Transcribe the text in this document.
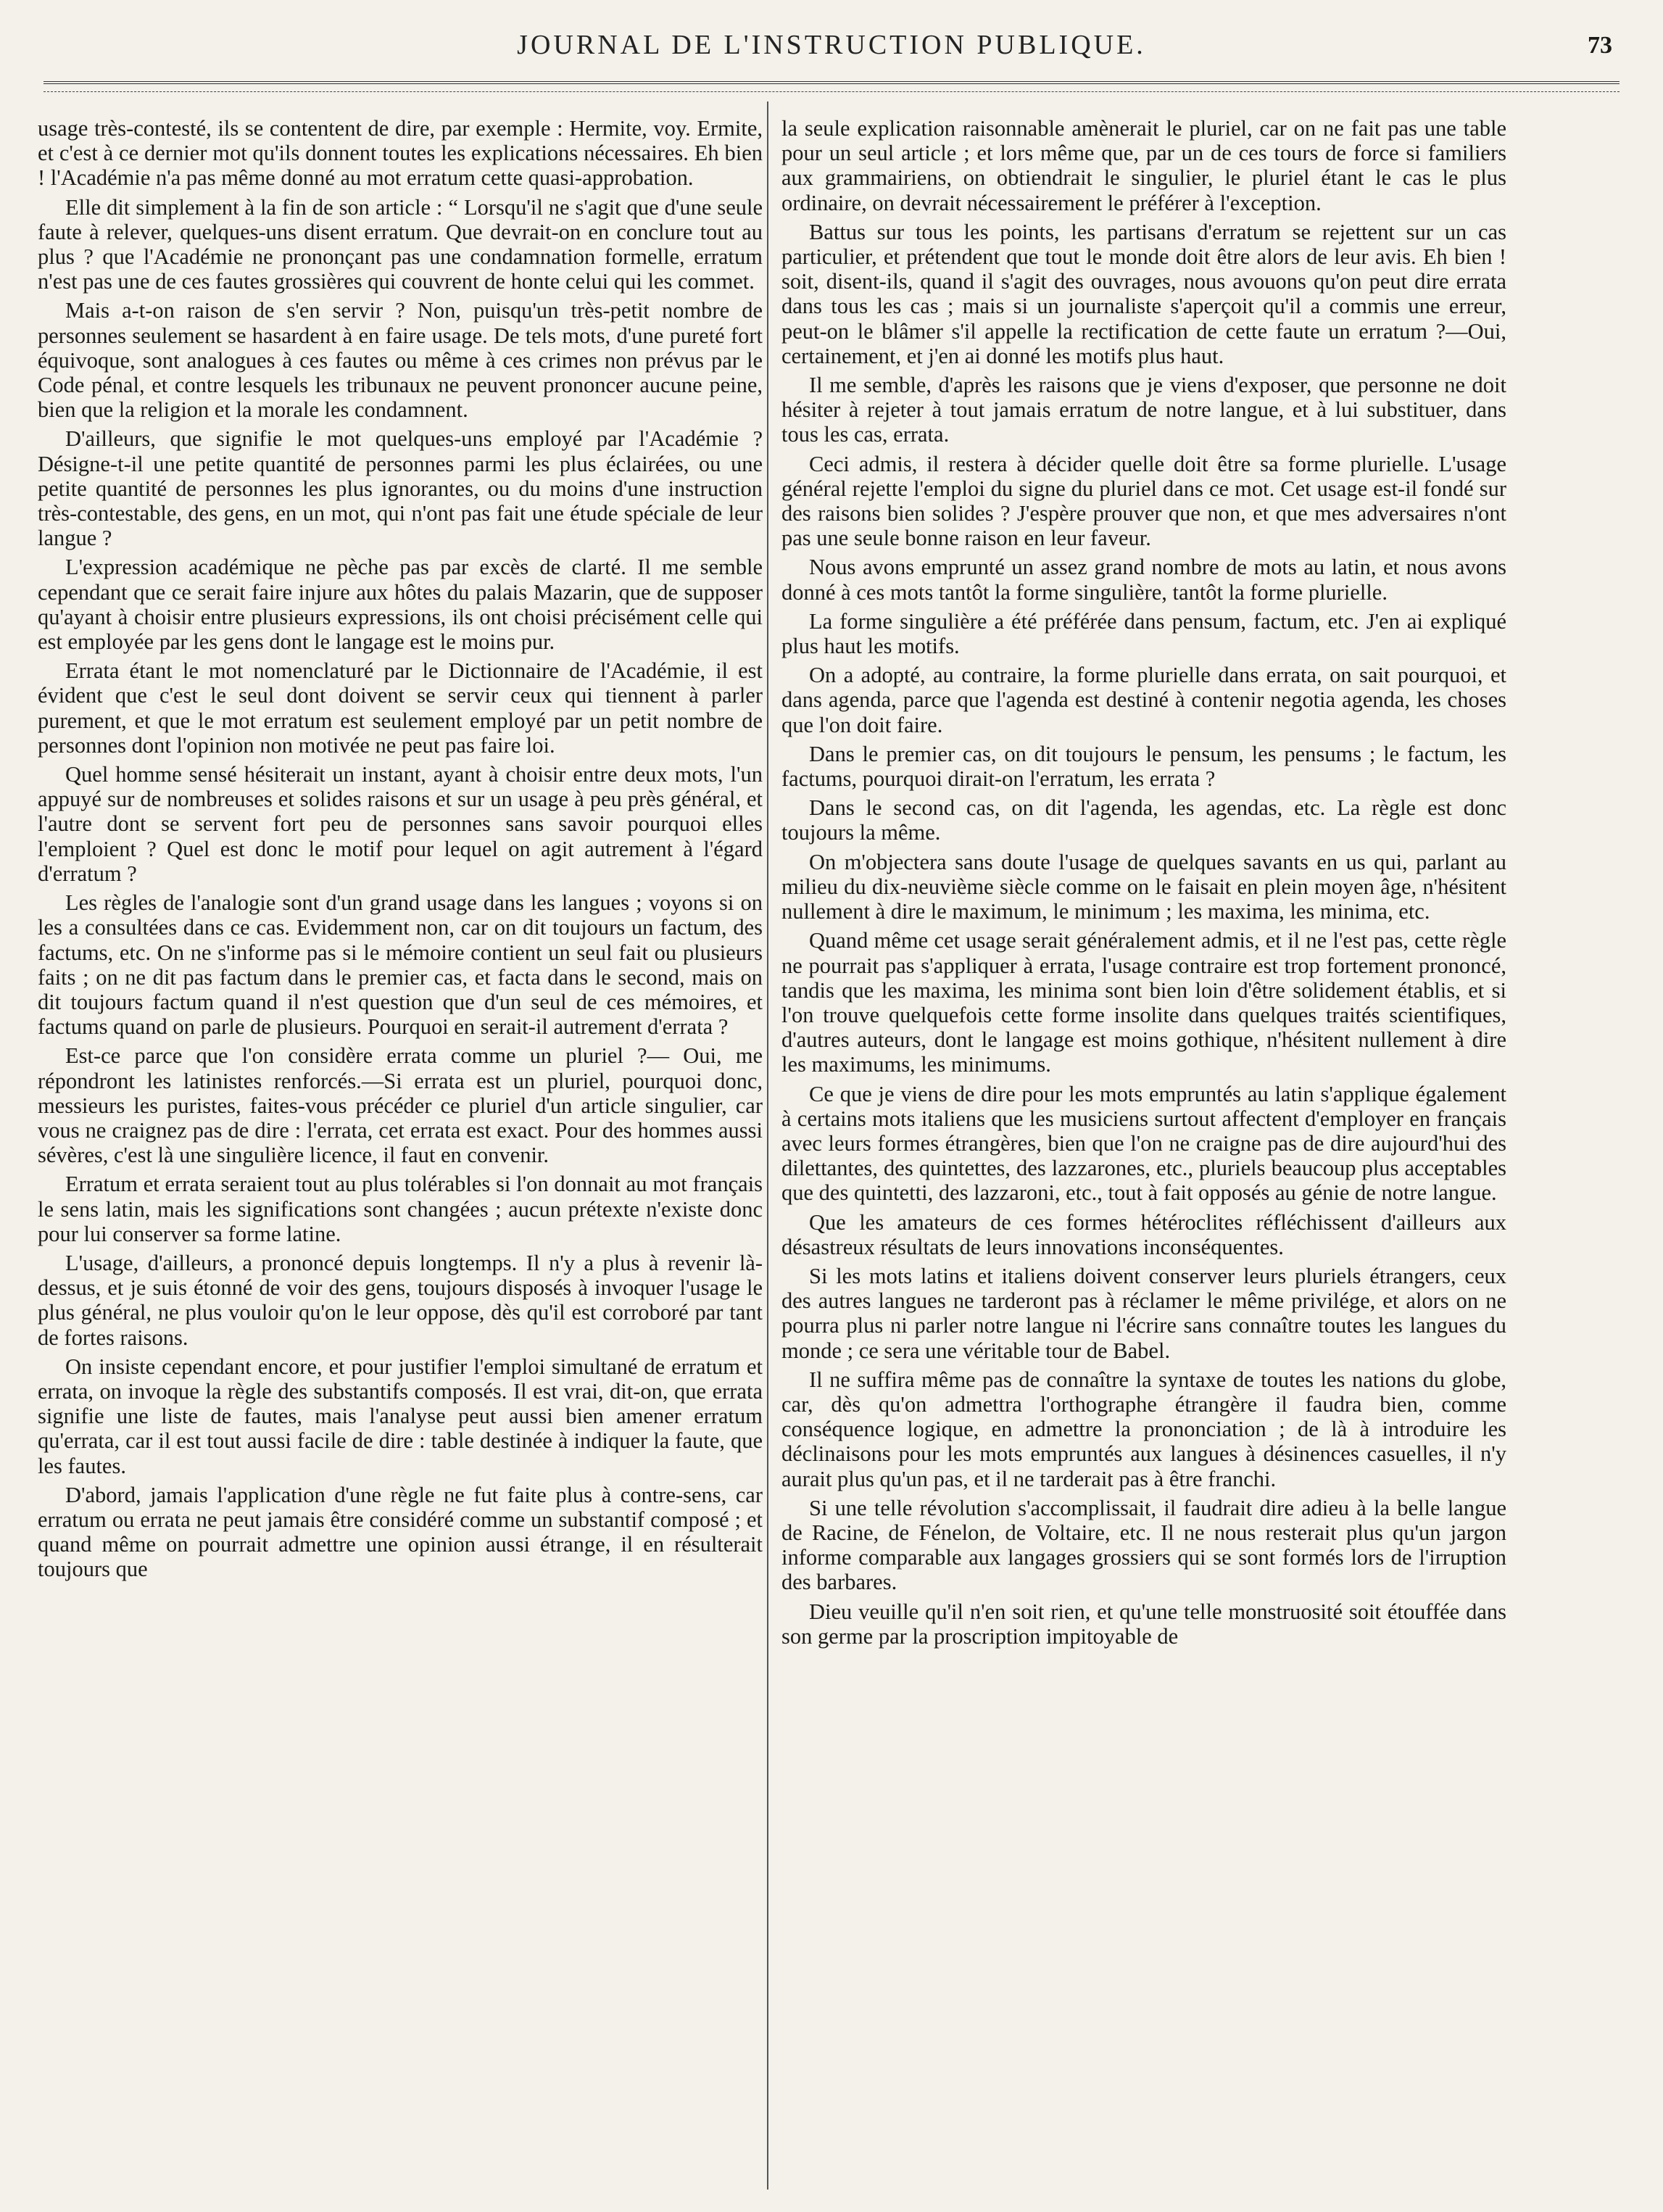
JOURNAL DE L'INSTRUCTION PUBLIQUE.	73

usage très-contesté, ils se contentent de dire, par exemple : Hermite, voy. Ermite, et c'est à ce dernier mot qu'ils donnent toutes les explications nécessaires. Eh bien ! l'Académie n'a pas même donné au mot erratum cette quasi-approbation.

Elle dit simplement à la fin de son article : “ Lorsqu'il ne s'agit que d'une seule faute à relever, quelques-uns disent erratum. Que devrait-on en conclure tout au plus ? que l'Académie ne prononçant pas une condamnation formelle, erratum n'est pas une de ces fautes grossières qui couvrent de honte celui qui les commet.

Mais a-t-on raison de s'en servir ? Non, puisqu'un très-petit nombre de personnes seulement se hasardent à en faire usage. De tels mots, d'une pureté fort équivoque, sont analogues à ces fautes ou même à ces crimes non prévus par le Code pénal, et contre lesquels les tribunaux ne peuvent prononcer aucune peine, bien que la religion et la morale les condamnent.

D'ailleurs, que signifie le mot quelques-uns employé par l'Académie ? Désigne-t-il une petite quantité de personnes parmi les plus éclairées, ou une petite quantité de personnes les plus ignorantes, ou du moins d'une instruction très-contestable, des gens, en un mot, qui n'ont pas fait une étude spéciale de leur langue ?

L'expression académique ne pèche pas par excès de clarté. Il me semble cependant que ce serait faire injure aux hôtes du palais Mazarin, que de supposer qu'ayant à choisir entre plusieurs expressions, ils ont choisi précisément celle qui est employée par les gens dont le langage est le moins pur.

Errata étant le mot nomenclaturé par le Dictionnaire de l'Académie, il est évident que c'est le seul dont doivent se servir ceux qui tiennent à parler purement, et que le mot erratum est seulement employé par un petit nombre de personnes dont l'opinion non motivée ne peut pas faire loi.

Quel homme sensé hésiterait un instant, ayant à choisir entre deux mots, l'un appuyé sur de nombreuses et solides raisons et sur un usage à peu près général, et l'autre dont se servent fort peu de personnes sans savoir pourquoi elles l'emploient ? Quel est donc le motif pour lequel on agit autrement à l'égard d'erratum ?

Les règles de l'analogie sont d'un grand usage dans les langues ; voyons si on les a consultées dans ce cas. Evidemment non, car on dit toujours un factum, des factums, etc. On ne s'informe pas si le mémoire contient un seul fait ou plusieurs faits ; on ne dit pas factum dans le premier cas, et facta dans le second, mais on dit toujours factum quand il n'est question que d'un seul de ces mémoires, et factums quand on parle de plusieurs. Pourquoi en serait-il autrement d'errata ?

Est-ce parce que l'on considère errata comme un pluriel ?— Oui, me répondront les latinistes renforcés.—Si errata est un pluriel, pourquoi donc, messieurs les puristes, faites-vous précéder ce pluriel d'un article singulier, car vous ne craignez pas de dire : l'errata, cet errata est exact. Pour des hommes aussi sévères, c'est là une singulière licence, il faut en convenir.

Erratum et errata seraient tout au plus tolérables si l'on donnait au mot français le sens latin, mais les significations sont changées ; aucun prétexte n'existe donc pour lui conserver sa forme latine.

L'usage, d'ailleurs, a prononcé depuis longtemps. Il n'y a plus à revenir là-dessus, et je suis étonné de voir des gens, toujours disposés à invoquer l'usage le plus général, ne plus vouloir qu'on le leur oppose, dès qu'il est corroboré par tant de fortes raisons.

On insiste cependant encore, et pour justifier l'emploi simultané de erratum et errata, on invoque la règle des substantifs composés. Il est vrai, dit-on, que errata signifie une liste de fautes, mais l'analyse peut aussi bien amener erratum qu'errata, car il est tout aussi facile de dire : table destinée à indiquer la faute, que les fautes.

D'abord, jamais l'application d'une règle ne fut faite plus à contre-sens, car erratum ou errata ne peut jamais être considéré comme un substantif composé ; et quand même on pourrait admettre une opinion aussi étrange, il en résulterait toujours que

la seule explication raisonnable amènerait le pluriel, car on ne fait pas une table pour un seul article ; et lors même que, par un de ces tours de force si familiers aux grammairiens, on obtiendrait le singulier, le pluriel étant le cas le plus ordinaire, on devrait nécessairement le préférer à l'exception.

Battus sur tous les points, les partisans d'erratum se rejettent sur un cas particulier, et prétendent que tout le monde doit être alors de leur avis. Eh bien ! soit, disent-ils, quand il s'agit des ouvrages, nous avouons qu'on peut dire errata dans tous les cas ; mais si un journaliste s'aperçoit qu'il a commis une erreur, peut-on le blâmer s'il appelle la rectification de cette faute un erratum ?—Oui, certainement, et j'en ai donné les motifs plus haut.

Il me semble, d'après les raisons que je viens d'exposer, que personne ne doit hésiter à rejeter à tout jamais erratum de notre langue, et à lui substituer, dans tous les cas, errata.

Ceci admis, il restera à décider quelle doit être sa forme plurielle. L'usage général rejette l'emploi du signe du pluriel dans ce mot. Cet usage est-il fondé sur des raisons bien solides ? J'espère prouver que non, et que mes adversaires n'ont pas une seule bonne raison en leur faveur.

Nous avons emprunté un assez grand nombre de mots au latin, et nous avons donné à ces mots tantôt la forme singulière, tantôt la forme plurielle.

La forme singulière a été préférée dans pensum, factum, etc. J'en ai expliqué plus haut les motifs.

On a adopté, au contraire, la forme plurielle dans errata, on sait pourquoi, et dans agenda, parce que l'agenda est destiné à contenir negotia agenda, les choses que l'on doit faire.

Dans le premier cas, on dit toujours le pensum, les pensums ; le factum, les factums, pourquoi dirait-on l'erratum, les errata ?

Dans le second cas, on dit l'agenda, les agendas, etc. La règle est donc toujours la même.

On m'objectera sans doute l'usage de quelques savants en us qui, parlant au milieu du dix-neuvième siècle comme on le faisait en plein moyen âge, n'hésitent nullement à dire le maximum, le minimum ; les maxima, les minima, etc.

Quand même cet usage serait généralement admis, et il ne l'est pas, cette règle ne pourrait pas s'appliquer à errata, l'usage contraire est trop fortement prononcé, tandis que les maxima, les minima sont bien loin d'être solidement établis, et si l'on trouve quelquefois cette forme insolite dans quelques traités scientifiques, d'autres auteurs, dont le langage est moins gothique, n'hésitent nullement à dire les maximums, les minimums.

Ce que je viens de dire pour les mots empruntés au latin s'applique également à certains mots italiens que les musiciens surtout affectent d'employer en français avec leurs formes étrangères, bien que l'on ne craigne pas de dire aujourd'hui des dilettantes, des quintettes, des lazzarones, etc., pluriels beaucoup plus acceptables que des quintetti, des lazzaroni, etc., tout à fait opposés au génie de notre langue.

Que les amateurs de ces formes hétéroclites réfléchissent d'ailleurs aux désastreux résultats de leurs innovations inconséquentes.

Si les mots latins et italiens doivent conserver leurs pluriels étrangers, ceux des autres langues ne tarderont pas à réclamer le même privilége, et alors on ne pourra plus ni parler notre langue ni l'écrire sans connaître toutes les langues du monde ; ce sera une véritable tour de Babel.

Il ne suffira même pas de connaître la syntaxe de toutes les nations du globe, car, dès qu'on admettra l'orthographe étrangère il faudra bien, comme conséquence logique, en admettre la prononciation ; de là à introduire les déclinaisons pour les mots empruntés aux langues à désinences casuelles, il n'y aurait plus qu'un pas, et il ne tarderait pas à être franchi.

Si une telle révolution s'accomplissait, il faudrait dire adieu à la belle langue de Racine, de Fénelon, de Voltaire, etc. Il ne nous resterait plus qu'un jargon informe comparable aux langages grossiers qui se sont formés lors de l'irruption des barbares.

Dieu veuille qu'il n'en soit rien, et qu'une telle monstruosité soit étouffée dans son germe par la proscription impitoyable de
